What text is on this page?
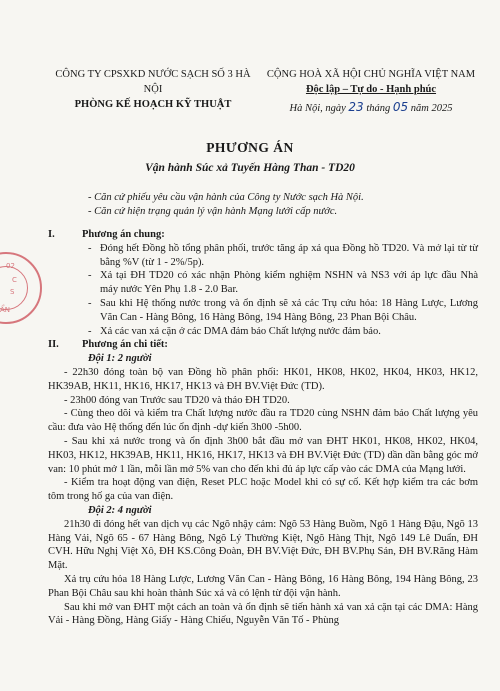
02
C
S
ẨN
CÔNG TY CPSXKD NƯỚC SẠCH SỐ 3 HÀ NỘI
PHÒNG KẾ HOẠCH KỸ THUẬT
CỘNG HOÀ XÃ HỘI CHỦ NGHĨA VIỆT NAM
Độc lập – Tự do - Hạnh phúc
Hà Nội, ngày 23 tháng 05 năm 2025
PHƯƠNG ÁN
Vận hành Súc xả Tuyến Hàng Than - TD20
- Căn cứ phiếu yêu cầu vận hành của Công ty Nước sạch Hà Nội.
- Căn cứ hiện trạng quản lý vận hành Mạng lưới cấp nước.
I.	Phương án chung:
- Đóng hết Đồng hồ tổng phân phối, trước tăng áp xả qua Đồng hồ TD20. Và mở lại từ từ bằng %V (từ 1 - 2%/5p).
- Xả tại ĐH TD20 có xác nhận Phòng kiểm nghiệm NSHN và NS3 với áp lực đầu Nhà máy nước Yên Phụ 1.8 - 2.0 Bar.
- Sau khi Hệ thống nước trong và ổn định sẽ xả các Trụ cứu hỏa: 18 Hàng Lược, Lương Văn Can - Hàng Bông, 16 Hàng Bông, 194 Hàng Bông, 23 Phan Bội Châu.
- Xả các van xả cặn ở các DMA đảm bảo Chất lượng nước đảm bảo.
II.	Phương án chi tiết:
Đội 1: 2 người
- 22h30 đóng toàn bộ van Đồng hồ phân phối: HK01, HK08, HK02, HK04, HK03, HK12, HK39AB, HK11, HK16, HK17, HK13 và ĐH BV.Việt Đức (TD).
- 23h00 đóng van Trước sau TD20 và thảo ĐH TD20.
- Cùng theo dõi và kiểm tra Chất lượng nước đầu ra TD20 cùng NSHN đảm bảo Chất lượng yêu cầu: đưa vào Hệ thống đến lúc ổn định -dự kiến 3h00 -5h00.
- Sau khi xả nước trong và ổn định 3h00 bắt đầu mở van ĐHT HK01, HK08, HK02, HK04, HK03, HK12, HK39AB, HK11, HK16, HK17, HK13 và ĐH BV.Việt Đức (TD) dần dần bằng góc mở van: 10 phút mở 1 lần, mỗi lần mở 5% van cho đến khi đủ áp lực cấp vào các DMA của Mạng lưới.
- Kiểm tra hoạt động van điện, Reset PLC hoặc Model khi có sự cố. Kết hợp kiểm tra các bơm tôm trong hố ga của van điện.
Đội 2: 4 người
21h30 đi đóng hết van dịch vụ các Ngõ nhậy cảm: Ngõ 53 Hàng Buồm, Ngõ 1 Hàng Đậu, Ngõ 13 Hàng Vải, Ngõ 65 - 67 Hàng Bông, Ngõ Lý Thường Kiệt, Ngõ Hàng Thịt, Ngõ 149 Lê Duẩn, ĐH CVH. Hữu Nghị Việt Xô, ĐH KS.Công Đoàn, ĐH BV.Việt Đức, ĐH BV.Phụ Sản, ĐH BV.Răng Hàm Mặt.
Xả trụ cứu hỏa 18 Hàng Lược, Lương Văn Can - Hàng Bông, 16 Hàng Bông, 194 Hàng Bông, 23 Phan Bội Châu sau khi hoàn thành Súc xả và có lệnh từ đội vận hành.
Sau khi mở van ĐHT một cách an toàn và ổn định sẽ tiến hành xả van xả cặn tại các DMA: Hàng Vải - Hàng Đồng, Hàng Giấy - Hàng Chiếu, Nguyễn Văn Tố - Phùng
